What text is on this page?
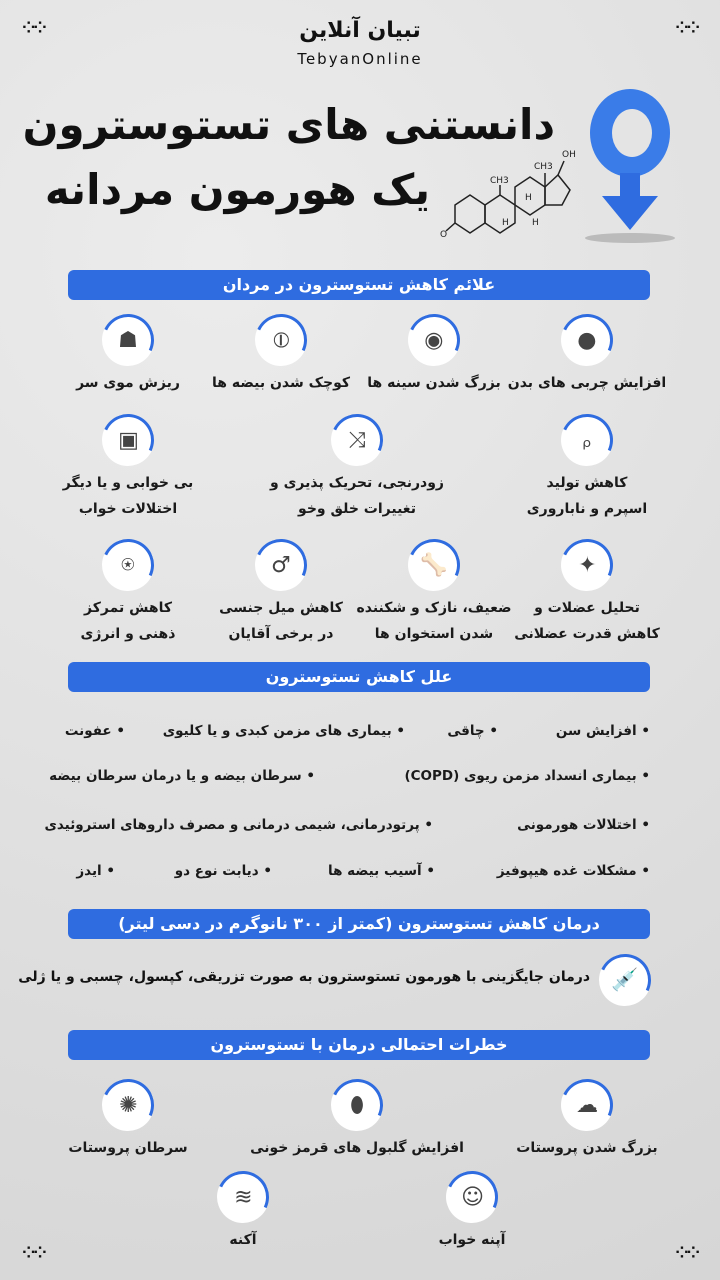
⁘⁘	⁘⁘
⁘⁘	⁘⁘
تبیان آنلاین
TebyanOnline
دانستنی های تستوسترون
یک هورمون مردانه
O
CH3
CH3
OH
H
H
H
علائم کاهش تستوسترون در مردان
●
افزایش چربی های بدن
◉
بزرگ شدن سینه ها
⦶
کوچک شدن بیضه ها
☗
ریزش موی سر
ᵨ
کاهش تولید
اسپرم و ناباروری
⤨
زودرنجی، تحریک پذیری و
تغییرات خلق وخو
▣
بی خوابی و یا دیگر
اختلالات خواب
✦
تحلیل عضلات و
کاهش قدرت عضلانی
🦴
ضعیف، نازک و شکننده
شدن استخوان ها
♂
کاهش میل جنسی
در برخی آقایان
⍟
کاهش تمرکز
ذهنی و انرژی
علل کاهش تستوسترون
• افزایش سن
• چاقی
• بیماری های مزمن کبدی و یا کلیوی
• عفونت
• بیماری انسداد مزمن ریوی (COPD)
• سرطان بیضه و یا درمان سرطان بیضه
• اختلالات هورمونی
• پرتودرمانی، شیمی درمانی و مصرف داروهای استروئیدی
• مشکلات غده هیپوفیز
• آسیب بیضه ها
• دیابت نوع دو
• ایدز
درمان کاهش تستوسترون (کمتر از ۳۰۰ نانوگرم در دسی لیتر)
💉
درمان جایگزینی با هورمون تستوسترون به صورت تزریقی، کپسول، چسبی و یا ژلی
خطرات احتمالی درمان با تستوسترون
☁
بزرگ شدن پروستات
⬮
افزایش گلبول های قرمز خونی
✺
سرطان پروستات
☺
آپنه خواب
≋
آکنه
